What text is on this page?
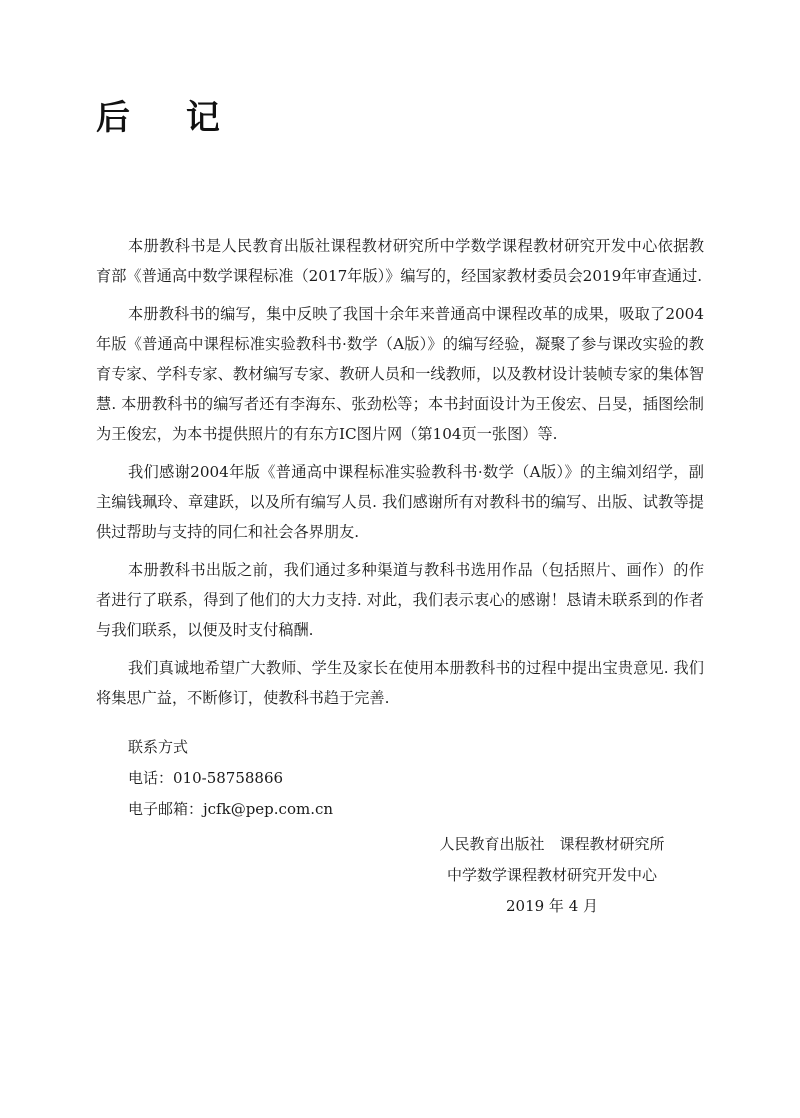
后 记

本册教科书是人民教育出版社课程教材研究所中学数学课程教材研究开发中心依据教育部《普通高中数学课程标准（2017年版）》编写的，经国家教材委员会2019年审查通过.

本册教科书的编写，集中反映了我国十余年来普通高中课程改革的成果，吸取了2004年版《普通高中课程标准实验教科书·数学（A版）》的编写经验，凝聚了参与课改实验的教育专家、学科专家、教材编写专家、教研人员和一线教师，以及教材设计装帧专家的集体智慧. 本册教科书的编写者还有李海东、张劲松等；本书封面设计为王俊宏、吕旻，插图绘制为王俊宏，为本书提供照片的有东方IC图片网（第104页一张图）等.

我们感谢2004年版《普通高中课程标准实验教科书·数学（A版）》的主编刘绍学，副主编钱珮玲、章建跃，以及所有编写人员. 我们感谢所有对教科书的编写、出版、试教等提供过帮助与支持的同仁和社会各界朋友.

本册教科书出版之前，我们通过多种渠道与教科书选用作品（包括照片、画作）的作者进行了联系，得到了他们的大力支持. 对此，我们表示衷心的感谢！恳请未联系到的作者与我们联系，以便及时支付稿酬.

我们真诚地希望广大教师、学生及家长在使用本册教科书的过程中提出宝贵意见. 我们将集思广益，不断修订，使教科书趋于完善.

联系方式

电话：010-58758866

电子邮箱：jcfk@pep.com.cn

人民教育出版社　课程教材研究所

中学数学课程教材研究开发中心

2019 年 4 月
